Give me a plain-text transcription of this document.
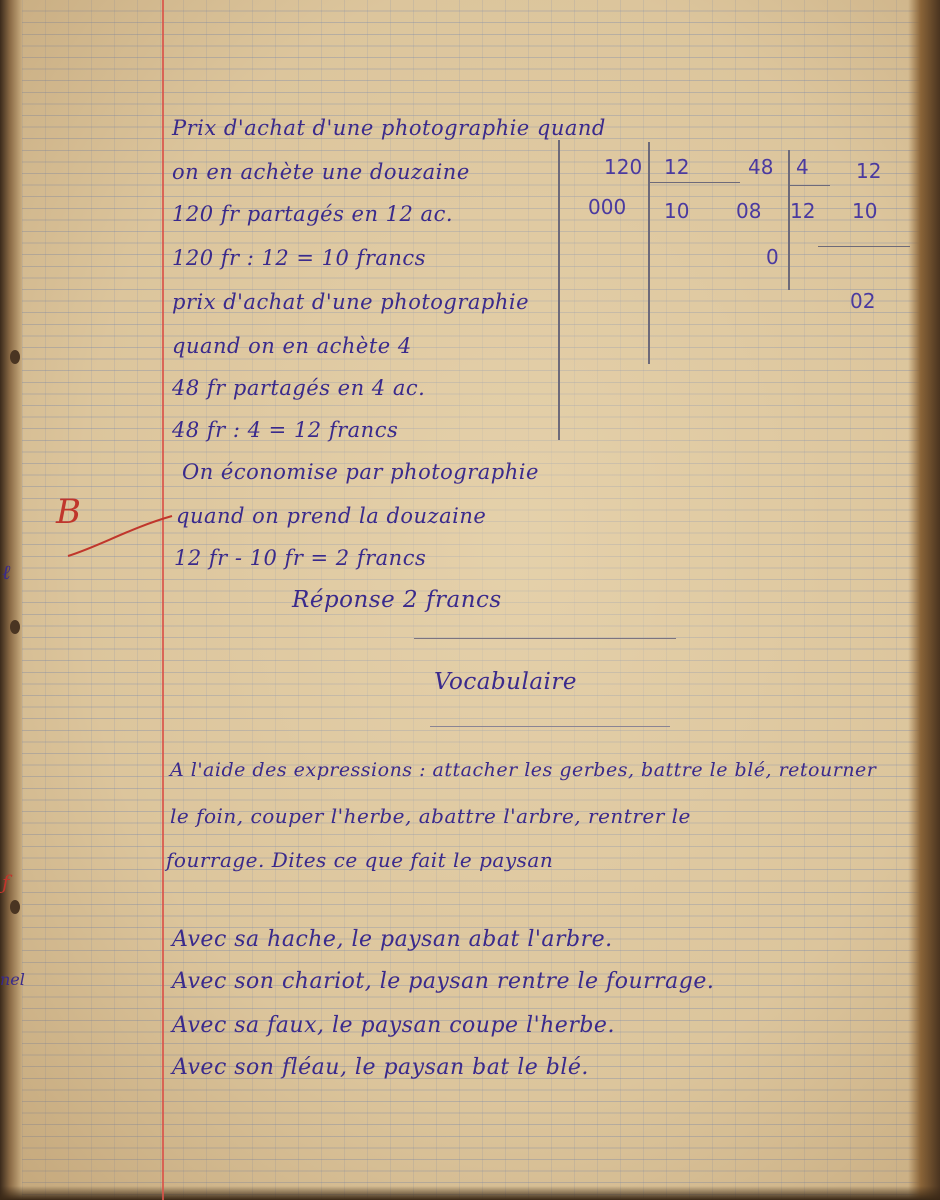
ℓ
nel
ƒ
Prix d'achat d'une photographie quand
on en achète une douzaine
120 fr partagés en 12 ac.
120 fr : 12 = 10 francs
prix d'achat d'une photographie
quand on en achète 4
48 fr partagés en 4 ac.
48 fr : 4 = 12 francs
On économise par photographie
quand on prend la douzaine
12 fr - 10 fr = 2 francs
Réponse 2 francs
B
120 12
000 10
48 4
08
0
12
12
10
02
Vocabulaire
A l'aide des expressions : attacher les gerbes, battre le blé, retourner
le foin, couper l'herbe, abattre l'arbre, rentrer le
fourrage. Dites ce que fait le paysan
Avec sa hache, le paysan abat l'arbre.
Avec son chariot, le paysan rentre le fourrage.
Avec sa faux, le paysan coupe l'herbe.
Avec son fléau, le paysan bat le blé.
